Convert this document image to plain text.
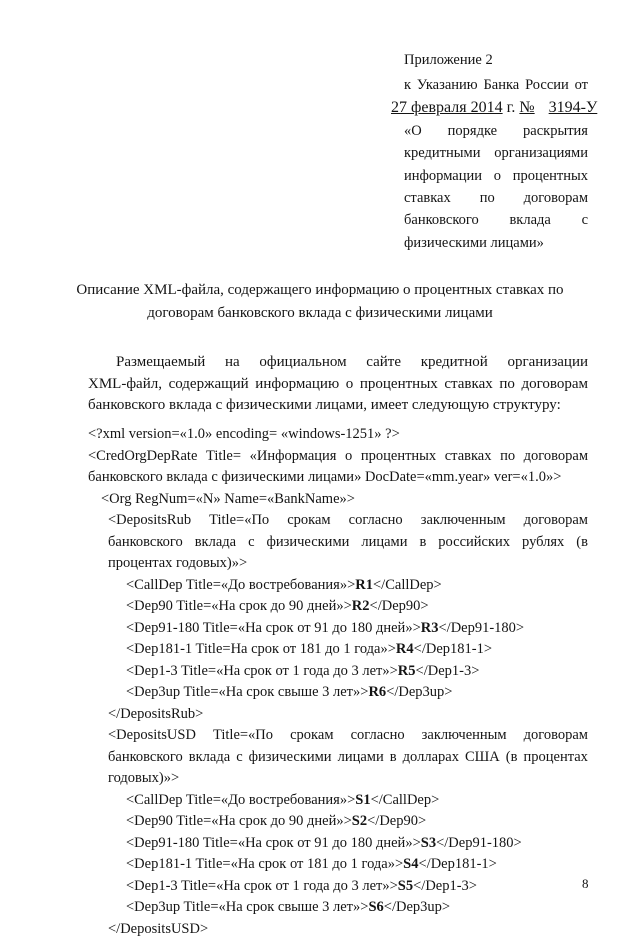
Приложение 2
к Указанию Банка России от
27 февраля 2014 г. № 3194-У
«О порядке раскрытия
кредитными организациями
информации о процентных
ставках по договорам
банковского вклада с
физическими лицами»
Описание XML-файла, содержащего информацию о процентных ставках по
договорам банковского вклада с физическими лицами
Размещаемый на официальном сайте кредитной организации
XML-файл, содержащий информацию о процентных ставках по договорам
банковского вклада с физическими лицами, имеет следующую структуру:
<?xml version=«1.0» encoding= «windows-1251» ?>
<CredOrgDepRate Title= «Информация о процентных ставках по договорам
банковского вклада с физическими лицами» DocDate=«mm.year» ver=«1.0»>
<Org RegNum=«N» Name=«BankName»>
<DepositsRub Title=«По срокам согласно заключенным договорам
банковского вклада с физическими лицами в российских рублях (в
процентах годовых)»>
<CallDep Title=«До востребования»>R1</CallDep>
<Dep90 Title=«На срок до 90 дней»>R2</Dep90>
<Dep91-180 Title=«На срок от 91 до 180 дней»>R3</Dep91-180>
<Dep181-1 Title=На срок от 181 до 1 года»>R4</Dep181-1>
<Dep1-3 Title=«На срок от 1 года до 3 лет»>R5</Dep1-3>
<Dep3up Title=«На срок свыше 3 лет»>R6</Dep3up>
</DepositsRub>
<DepositsUSD Title=«По срокам согласно заключенным договорам
банковского вклада с физическими лицами в долларах США (в процентах
годовых)»>
<CallDep Title=«До востребования»>S1</CallDep>
<Dep90 Title=«На срок до 90 дней»>S2</Dep90>
<Dep91-180 Title=«На срок от 91 до 180 дней»>S3</Dep91-180>
<Dep181-1 Title=«На срок от 181 до 1 года»>S4</Dep181-1>
<Dep1-3 Title=«На срок от 1 года до 3 лет»>S5</Dep1-3>
<Dep3up Title=«На срок свыше 3 лет»>S6</Dep3up>
</DepositsUSD>
8
